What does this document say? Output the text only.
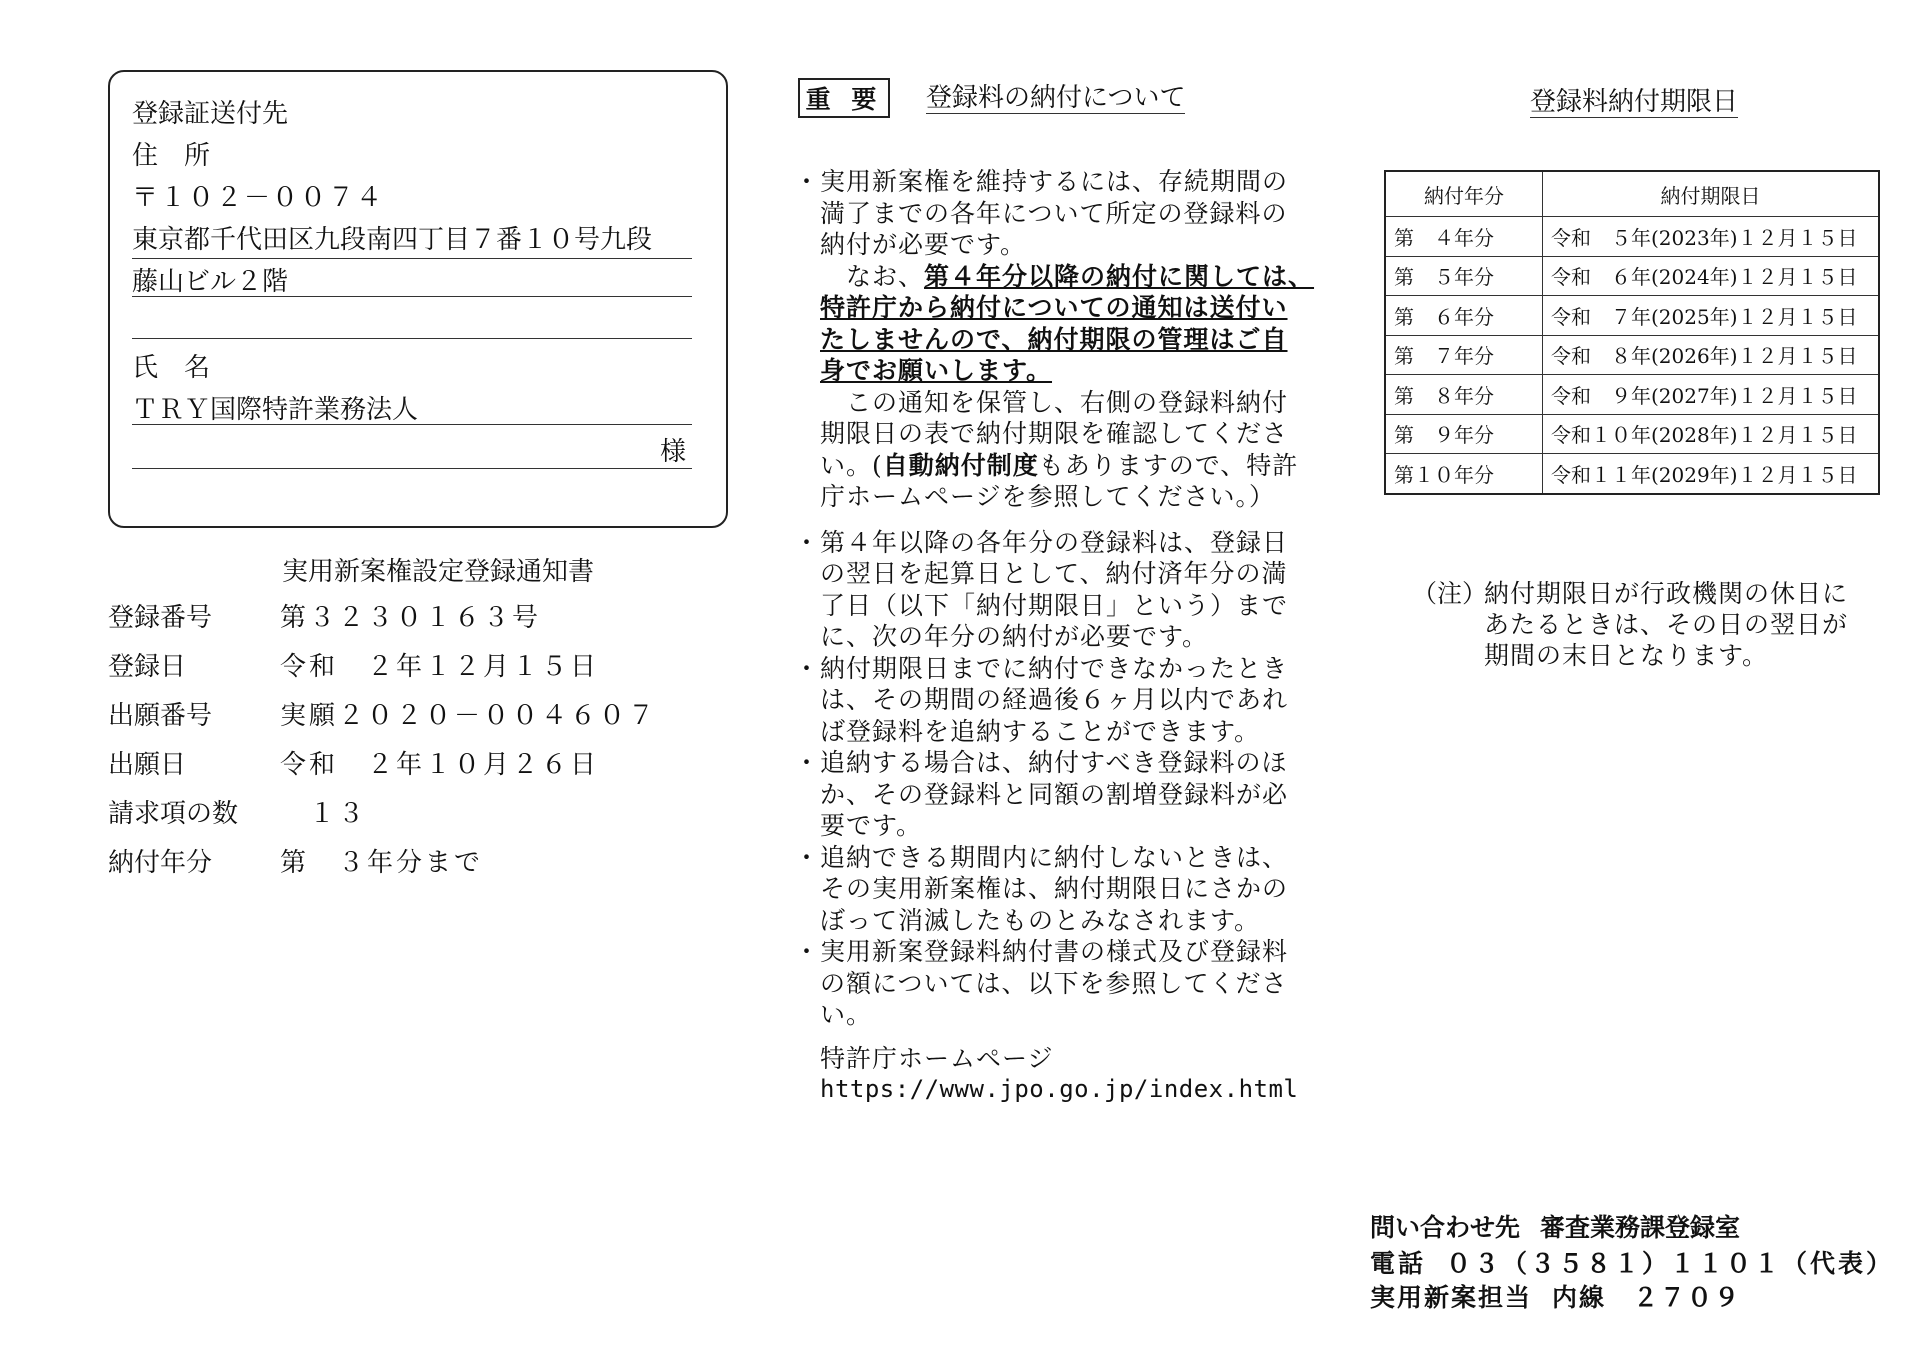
登録証送付先
住　所
〒１０２－００７４
東京都千代田区九段南四丁目７番１０号九段
藤山ビル２階
氏　名
ＴＲＹ国際特許業務法人
様
実用新案権設定登録通知書
登録番号	第３２３０１６３号
登録日	令和　２年１２月１５日
出願番号	実願２０２０－００４６０７
出願日	令和　２年１０月２６日
請求項の数 　１３
納付年分	第　３年分まで
重 要 登録料の納付について
・ 実用新案権を維持するには、存続期間の
満了までの各年について所定の登録料の
納付が必要です。
　なお、第４年分以降の納付に関しては、
特許庁から納付についての通知は送付い
たしませんので、納付期限の管理はご自
身でお願いします。
　この通知を保管し、右側の登録料納付
期限日の表で納付期限を確認してくださ
い。(自動納付制度もありますので、特許
庁ホームページを参照してください。）
・ 第４年以降の各年分の登録料は、登録日
の翌日を起算日として、納付済年分の満
了日（以下「納付期限日」という）まで
に、次の年分の納付が必要です。
・ 納付期限日までに納付できなかったとき
は、その期間の経過後６ヶ月以内であれ
ば登録料を追納することができます。
・ 追納する場合は、納付すべき登録料のほ
か、その登録料と同額の割増登録料が必
要です。
・ 追納できる期間内に納付しないときは、
その実用新案権は、納付期限日にさかの
ぼって消滅したものとみなされます。
・ 実用新案登録料納付書の様式及び登録料
の額については、以下を参照してくださ
い。
特許庁ホームページ
https://www.jpo.go.jp/index.html
登録料納付期限日
納付年分	納付期限日
第　４年分	令和　５年(2023年)１２月１５日
第　５年分	令和　６年(2024年)１２月１５日
第　６年分	令和　７年(2025年)１２月１５日
第　７年分	令和　８年(2026年)１２月１５日
第　８年分	令和　９年(2027年)１２月１５日
第　９年分	令和１０年(2028年)１２月１５日
第１０年分	令和１１年(2029年)１２月１５日
（注）
納付期限日が行政機関の休日に
あたるときは、その日の翌日が
期間の末日となります。
問い合わせ先 審査業務課登録室
電話 ０３（３５８１）１１０１（代表）
実用新案担当 内線　２７０９
